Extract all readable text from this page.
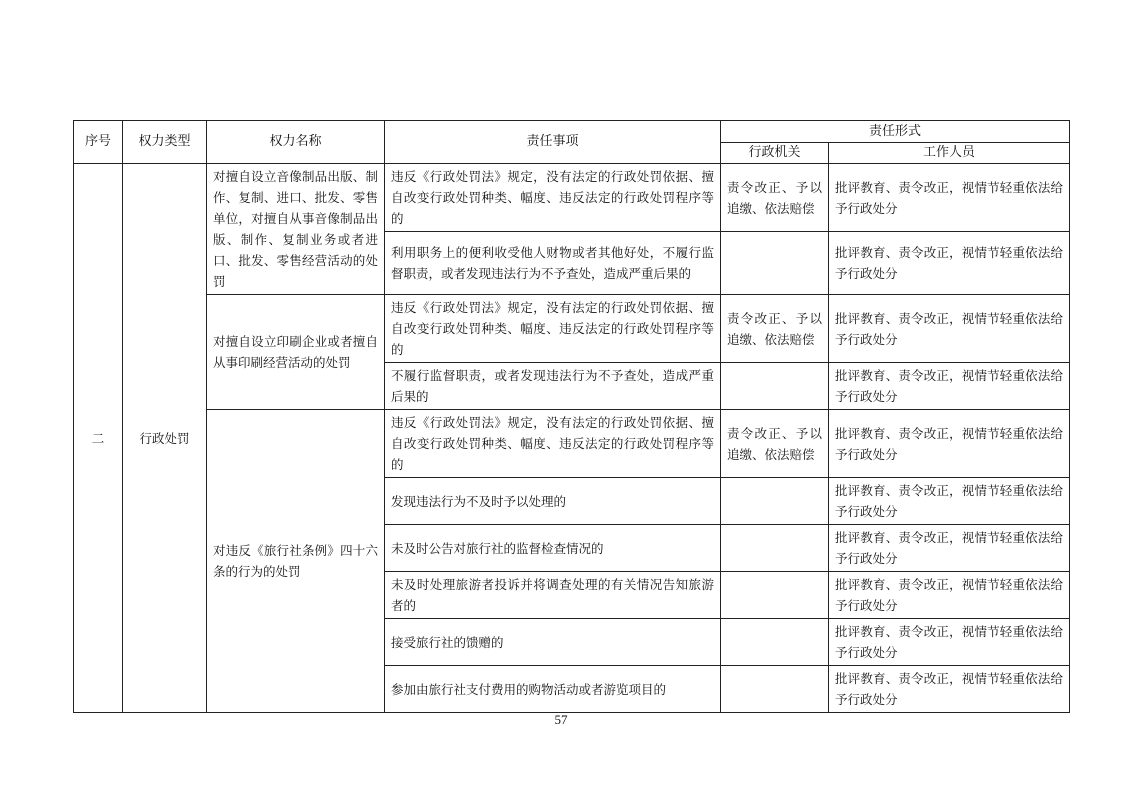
序号	权力类型	权力名称	责任事项	责任形式	
				行政机关	工作人员
二	行政处罚	对擅自设立音像制品出版、制作、复制、进口、批发、零售单位，对擅自从事音像制品出版、制作、复制业务或者进口、批发、零售经营活动的处罚	违反《行政处罚法》规定，没有法定的行政处罚依据、擅自改变行政处罚种类、幅度、违反法定的行政处罚程序等的	责令改正、予以追缴、依法赔偿	批评教育、责令改正，视情节轻重依法给予行政处分
			利用职务上的便利收受他人财物或者其他好处，不履行监督职责，或者发现违法行为不予查处，造成严重后果的		批评教育、责令改正，视情节轻重依法给予行政处分
		对擅自设立印刷企业或者擅自从事印刷经营活动的处罚	违反《行政处罚法》规定，没有法定的行政处罚依据、擅自改变行政处罚种类、幅度、违反法定的行政处罚程序等的	责令改正、予以追缴、依法赔偿	批评教育、责令改正，视情节轻重依法给予行政处分
			不履行监督职责，或者发现违法行为不予查处，造成严重后果的		批评教育、责令改正，视情节轻重依法给予行政处分
		对违反《旅行社条例》四十六条的行为的处罚	违反《行政处罚法》规定，没有法定的行政处罚依据、擅自改变行政处罚种类、幅度、违反法定的行政处罚程序等的	责令改正、予以追缴、依法赔偿	批评教育、责令改正，视情节轻重依法给予行政处分
			发现违法行为不及时予以处理的		批评教育、责令改正，视情节轻重依法给予行政处分
			未及时公告对旅行社的监督检查情况的		批评教育、责令改正，视情节轻重依法给予行政处分
			未及时处理旅游者投诉并将调查处理的有关情况告知旅游者的		批评教育、责令改正，视情节轻重依法给予行政处分
			接受旅行社的馈赠的		批评教育、责令改正，视情节轻重依法给予行政处分
			参加由旅行社支付费用的购物活动或者游览项目的		批评教育、责令改正，视情节轻重依法给予行政处分
57
